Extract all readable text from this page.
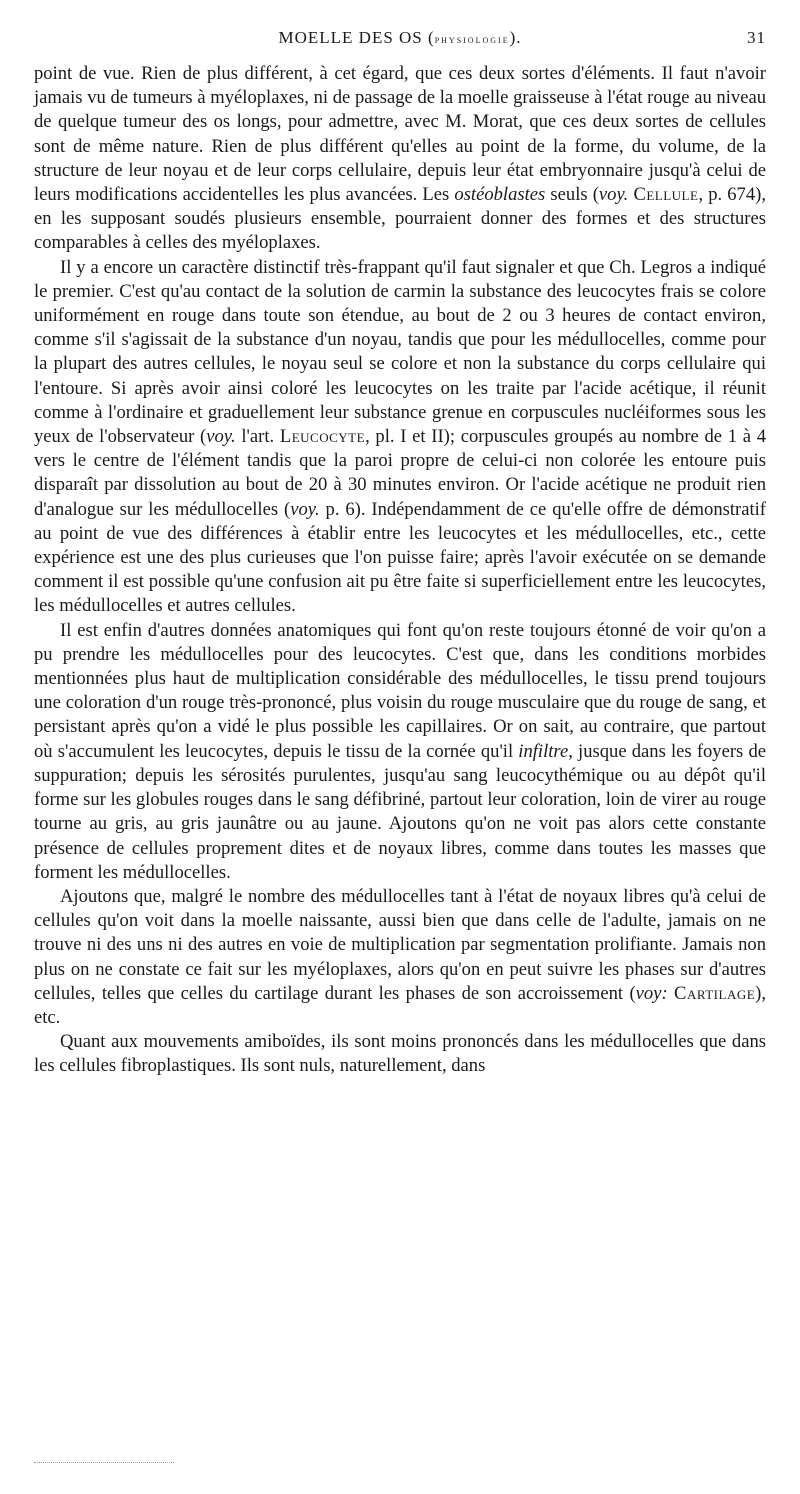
MOELLE DES OS (physiologie).	31

point de vue. Rien de plus différent, à cet égard, que ces deux sortes d'éléments. Il faut n'avoir jamais vu de tumeurs à myéloplaxes, ni de passage de la moelle graisseuse à l'état rouge au niveau de quelque tumeur des os longs, pour admettre, avec M. Morat, que ces deux sortes de cellules sont de même nature. Rien de plus différent qu'elles au point de la forme, du volume, de la structure de leur noyau et de leur corps cellulaire, depuis leur état embryonnaire jusqu'à celui de leurs modifications accidentelles les plus avancées. Les ostéoblastes seuls (voy. Cellule, p. 674), en les supposant soudés plusieurs ensemble, pourraient donner des formes et des structures comparables à celles des myéloplaxes.

Il y a encore un caractère distinctif très-frappant qu'il faut signaler et que Ch. Legros a indiqué le premier. C'est qu'au contact de la solution de carmin la substance des leucocytes frais se colore uniformément en rouge dans toute son étendue, au bout de 2 ou 3 heures de contact environ, comme s'il s'agissait de la substance d'un noyau, tandis que pour les médullocelles, comme pour la plupart des autres cellules, le noyau seul se colore et non la substance du corps cellulaire qui l'entoure. Si après avoir ainsi coloré les leucocytes on les traite par l'acide acétique, il réunit comme à l'ordinaire et graduellement leur substance grenue en corpuscules nucléiformes sous les yeux de l'observateur (voy. l'art. Leucocyte, pl. I et II); corpuscules groupés au nombre de 1 à 4 vers le centre de l'élément tandis que la paroi propre de celui-ci non colorée les entoure puis disparaît par dissolution au bout de 20 à 30 minutes environ. Or l'acide acétique ne produit rien d'analogue sur les médullocelles (voy. p. 6). Indépendamment de ce qu'elle offre de démonstratif au point de vue des différences à établir entre les leucocytes et les médullocelles, etc., cette expérience est une des plus curieuses que l'on puisse faire; après l'avoir exécutée on se demande comment il est possible qu'une confusion ait pu être faite si superficiellement entre les leucocytes, les médullocelles et autres cellules.

Il est enfin d'autres données anatomiques qui font qu'on reste toujours étonné de voir qu'on a pu prendre les médullocelles pour des leucocytes. C'est que, dans les conditions morbides mentionnées plus haut de multiplication considérable des médullocelles, le tissu prend toujours une coloration d'un rouge très-prononcé, plus voisin du rouge musculaire que du rouge de sang, et persistant après qu'on a vidé le plus possible les capillaires. Or on sait, au contraire, que partout où s'accumulent les leucocytes, depuis le tissu de la cornée qu'il infiltre, jusque dans les foyers de suppuration; depuis les sérosités purulentes, jusqu'au sang leucocythémique ou au dépôt qu'il forme sur les globules rouges dans le sang défibriné, partout leur coloration, loin de virer au rouge tourne au gris, au gris jaunâtre ou au jaune. Ajoutons qu'on ne voit pas alors cette constante présence de cellules proprement dites et de noyaux libres, comme dans toutes les masses que forment les médullocelles.

Ajoutons que, malgré le nombre des médullocelles tant à l'état de noyaux libres qu'à celui de cellules qu'on voit dans la moelle naissante, aussi bien que dans celle de l'adulte, jamais on ne trouve ni des uns ni des autres en voie de multiplication par segmentation prolifiante. Jamais non plus on ne constate ce fait sur les myéloplaxes, alors qu'on en peut suivre les phases sur d'autres cellules, telles que celles du cartilage durant les phases de son accroissement (voy: Cartilage), etc.

Quant aux mouvements amiboïdes, ils sont moins prononcés dans les médullocelles que dans les cellules fibroplastiques. Ils sont nuls, naturellement, dans
